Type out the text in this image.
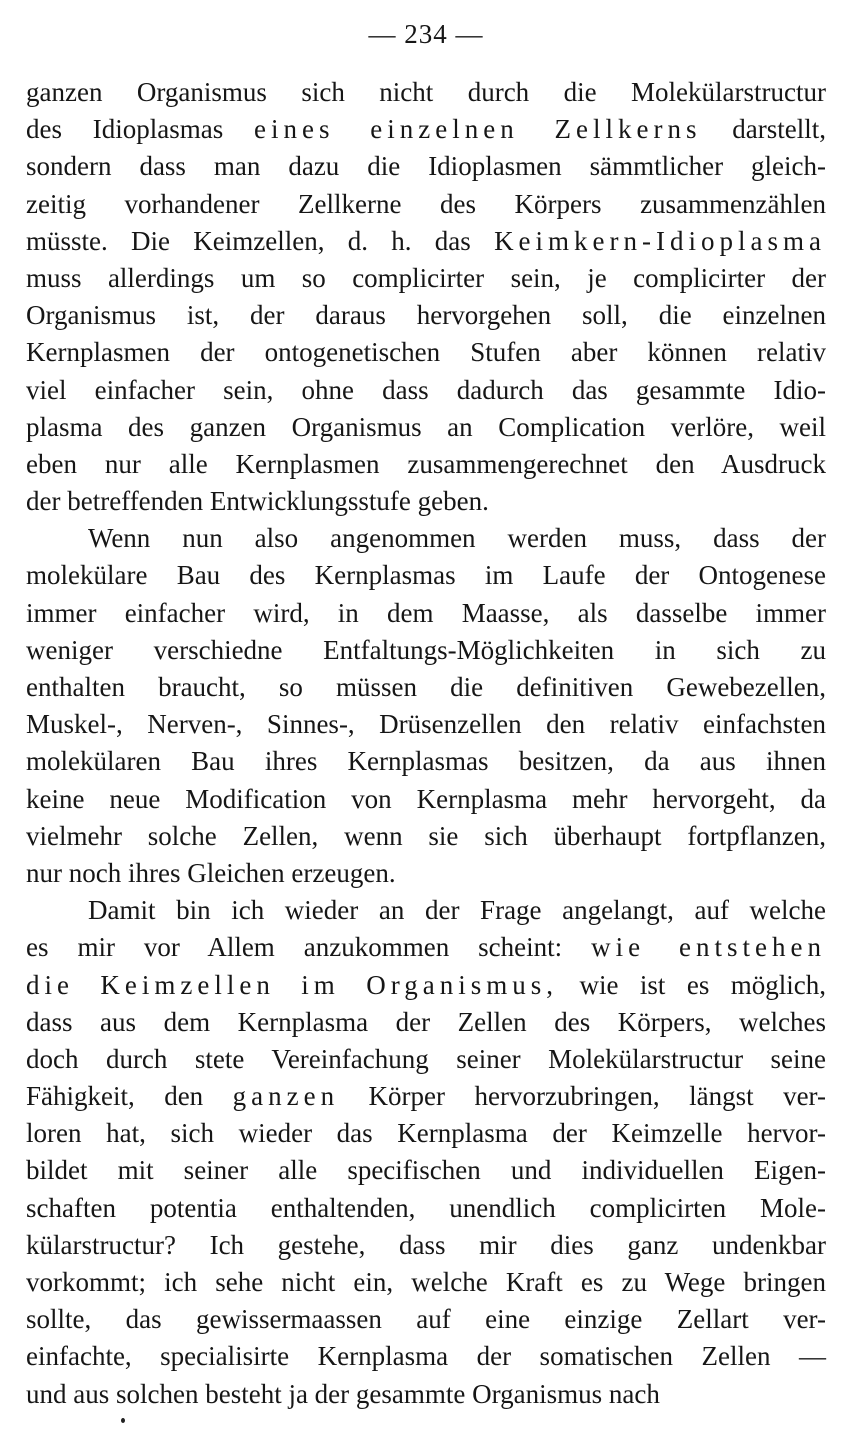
— 234 —
ganzen Organismus sich nicht durch die Molekülarstructur
des Idioplasmas eines einzelnen Zellkerns darstellt,
sondern dass man dazu die Idioplasmen sämmtlicher gleich-
zeitig vorhandener Zellkerne des Körpers zusammenzählen
müsste. Die Keimzellen, d. h. das Keimkern-Idioplasma
muss allerdings um so complicirter sein, je complicirter der
Organismus ist, der daraus hervorgehen soll, die einzelnen
Kernplasmen der ontogenetischen Stufen aber können relativ
viel einfacher sein, ohne dass dadurch das gesammte Idio-
plasma des ganzen Organismus an Complication verlöre, weil
eben nur alle Kernplasmen zusammengerechnet den Ausdruck
der betreffenden Entwicklungsstufe geben.
Wenn nun also angenommen werden muss, dass der
molekülare Bau des Kernplasmas im Laufe der Ontogenese
immer einfacher wird, in dem Maasse, als dasselbe immer
weniger verschiedne Entfaltungs-Möglichkeiten in sich zu
enthalten braucht, so müssen die definitiven Gewebezellen,
Muskel-, Nerven-, Sinnes-, Drüsenzellen den relativ einfachsten
molekülaren Bau ihres Kernplasmas besitzen, da aus ihnen
keine neue Modification von Kernplasma mehr hervorgeht, da
vielmehr solche Zellen, wenn sie sich überhaupt fortpflanzen,
nur noch ihres Gleichen erzeugen.
Damit bin ich wieder an der Frage angelangt, auf welche
es mir vor Allem anzukommen scheint: wie entstehen
die Keimzellen im Organismus, wie ist es möglich,
dass aus dem Kernplasma der Zellen des Körpers, welches
doch durch stete Vereinfachung seiner Molekülarstructur seine
Fähigkeit, den ganzen Körper hervorzubringen, längst ver-
loren hat, sich wieder das Kernplasma der Keimzelle hervor-
bildet mit seiner alle specifischen und individuellen Eigen-
schaften potentia enthaltenden, unendlich complicirten Mole-
külarstructur? Ich gestehe, dass mir dies ganz undenkbar
vorkommt; ich sehe nicht ein, welche Kraft es zu Wege bringen
sollte, das gewissermaassen auf eine einzige Zellart ver-
einfachte, specialisirte Kernplasma der somatischen Zellen —
und aus solchen besteht ja der gesammte Organismus nach
